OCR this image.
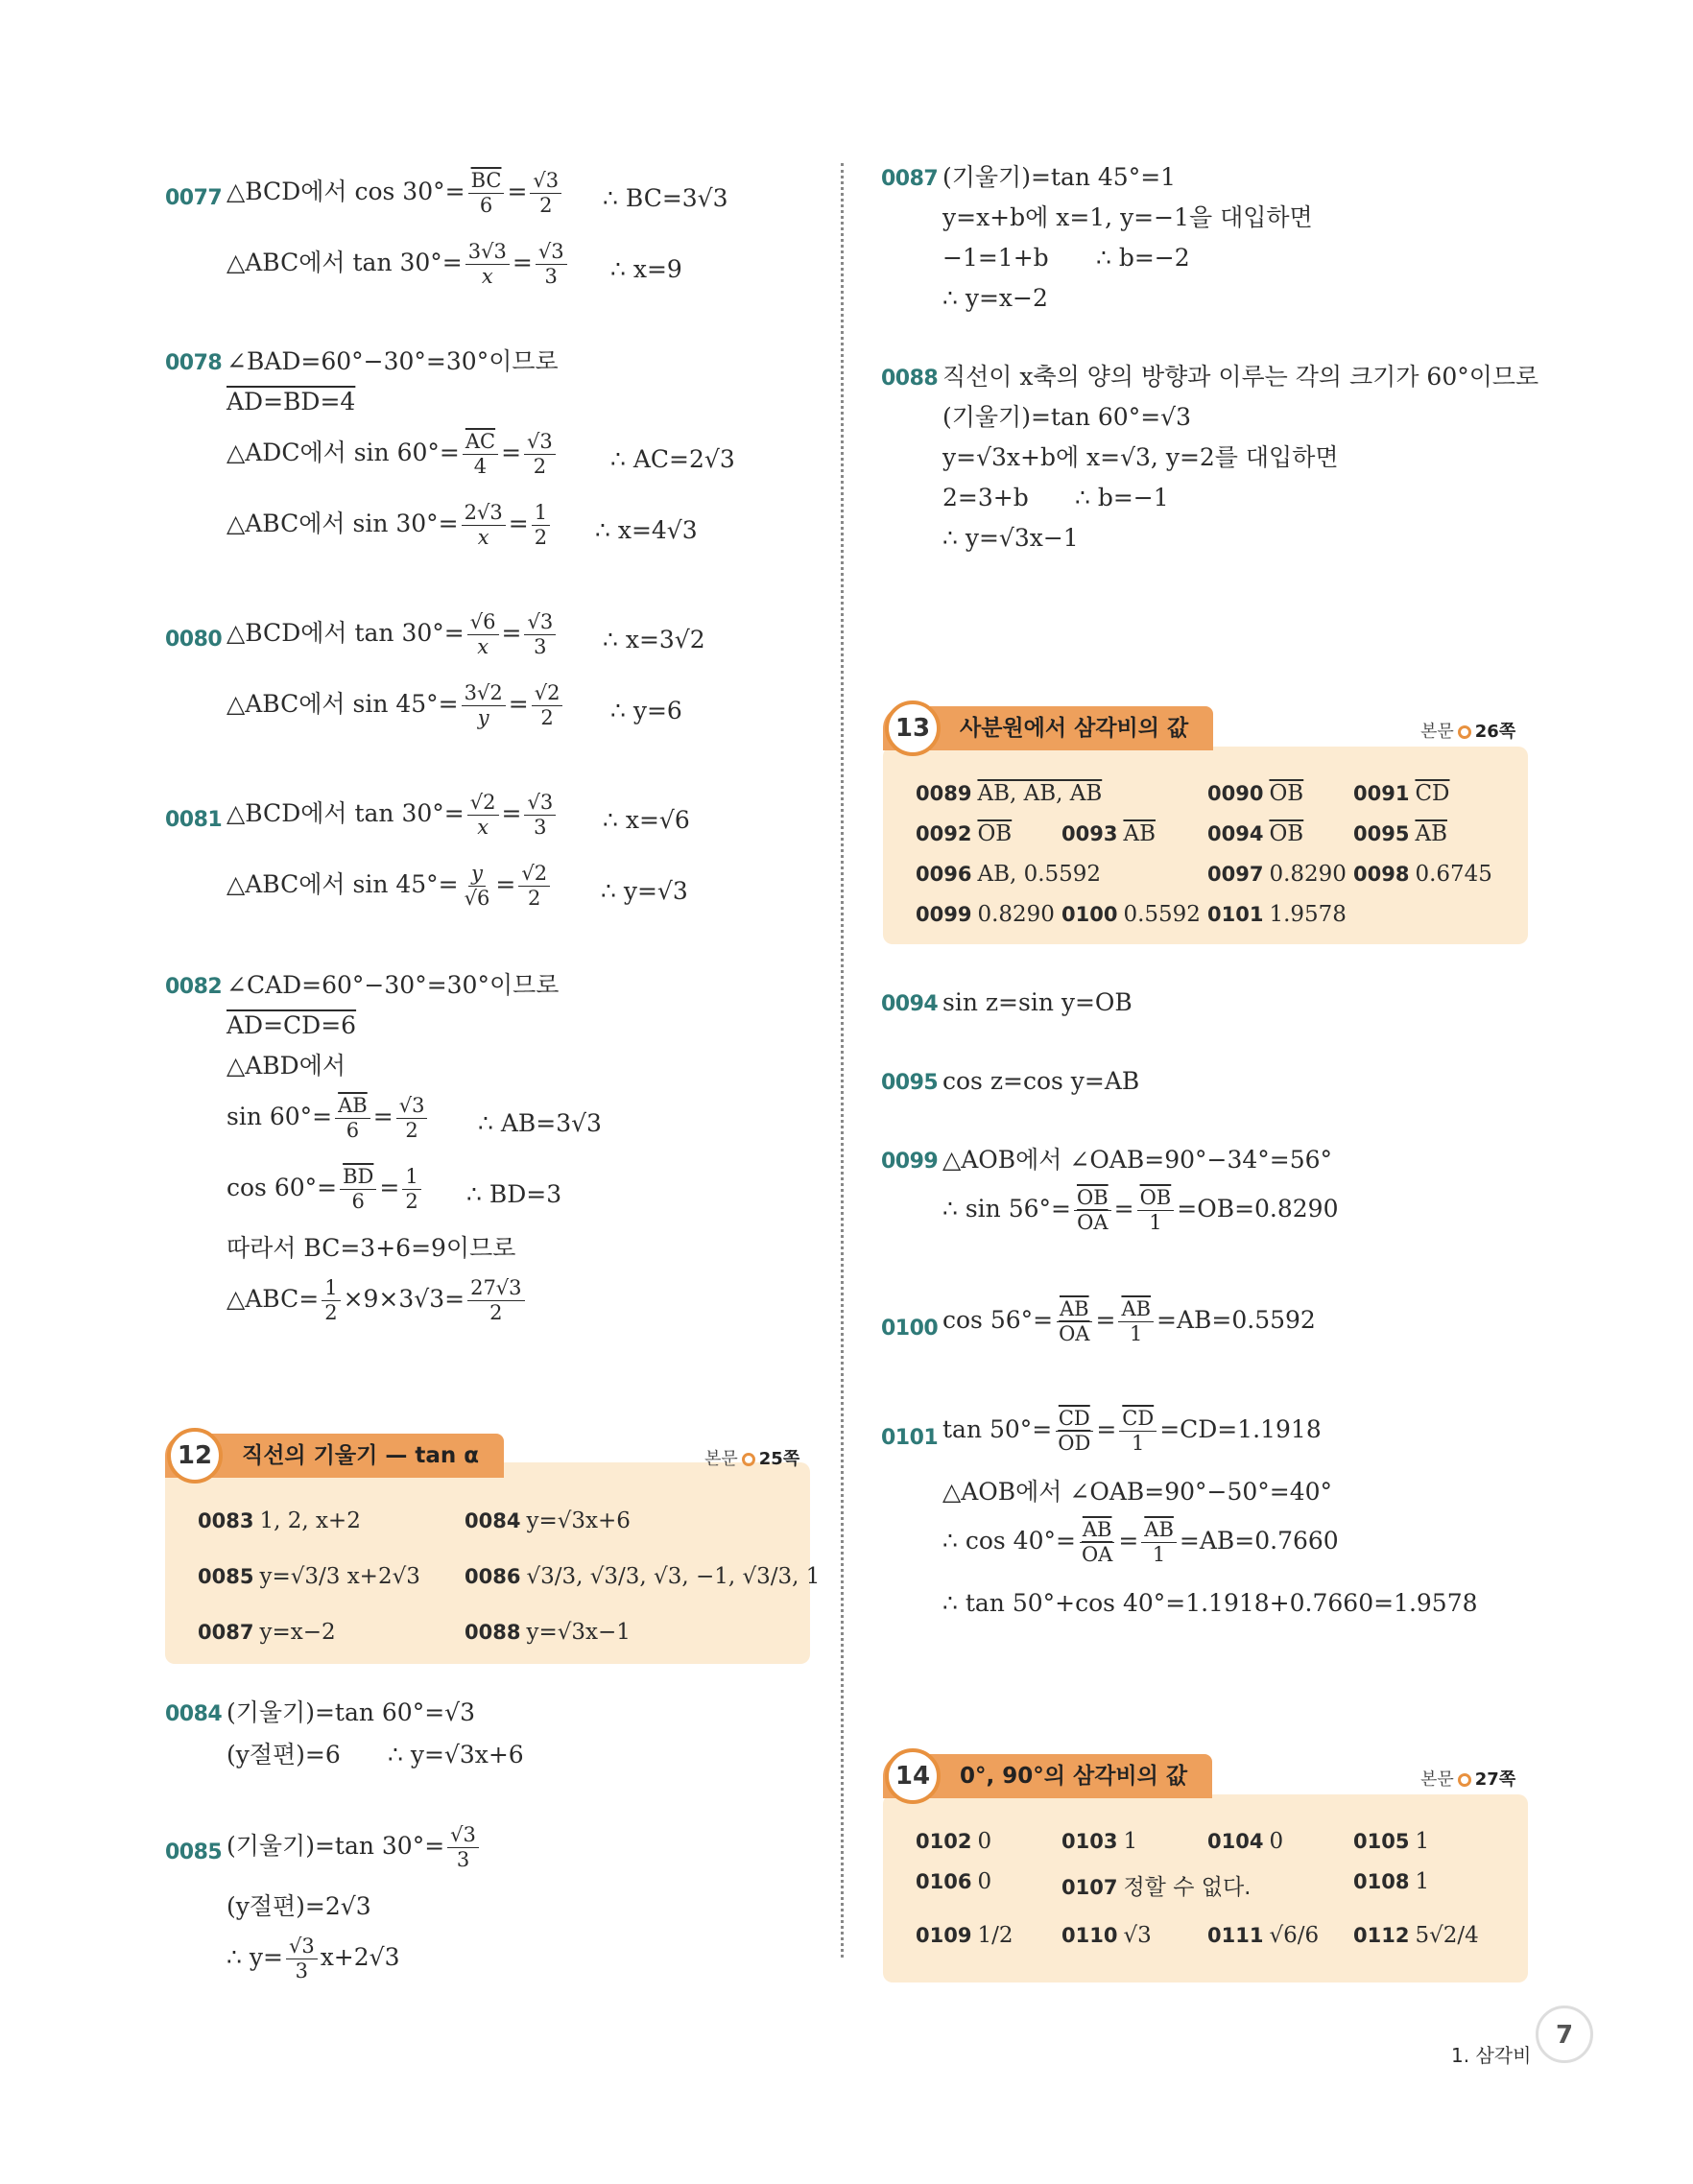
0077 △BCD에서 $\cos 30^\circ= \frac{\overline{BC}}{6} = \frac{√3}{2}$ ∴ BC=3√3
△ABC에서 $\tan 30^\circ= \frac{3√3}{x} = \frac{√3}{3}$ ∴ x=9
0078 ∠BAD=60°−30°=30°이므로
AD=BD=4
△ADC에서 $\sin 60^\circ= \frac{\overline{AC}}{4} = \frac{√3}{2}$ ∴ AC=2√3
△ABC에서 $\sin 30^\circ= \frac{2√3}{x} = \frac{1}{2}$ ∴ x=4√3
0080 △BCD에서 $\tan 30^\circ= \frac{√6}{x} = \frac{√3}{3}$ ∴ x=3√2
△ABC에서 $\sin 45^\circ= \frac{3√2}{y} = \frac{√2}{2}$ ∴ y=6
0081 △BCD에서 $\tan 30^\circ= \frac{√2}{x} = \frac{√3}{3}$ ∴ x=√6
△ABC에서 $\sin 45^\circ= \frac{y}{√6} = \frac{√2}{2}$ ∴ y=√3
0082 ∠CAD=60°−30°=30°이므로
AD=CD=6
△ABD에서
$\sin 60^\circ= \frac{\overline{AB}}{6} = \frac{√3}{2}$ ∴ AB=3√3
$\cos 60^\circ= \frac{\overline{BD}}{6} = \frac{1}{2}$ ∴ BD=3
따라서 BC=3+6=9이므로
△ABC= $\frac{1}{2} \times 9\times 3√3= \frac{27√3}{2}$
직선의 기울기 — tan α
12	본문 25쪽
0083 1, 2, x+2	0084 y=√3x+6
0085 y=√3/3 x+2√3 0086 √3/3, √3/3, √3, −1, √3/3, 1
0087 y=x−2	0088 y=√3x−1
0084 (기울기)=tan 60°=√3
(y절편)=6 ∴ y=√3x+6
0085 (기울기)=tan $30^\circ= \frac{√3}{3}$
(y절편)=2√3
∴ $y= \frac{√3}{3} x+2√3$
0087 (기울기)=tan 45°=1
y=x+b에 x=1, y=−1을 대입하면
−1=1+b ∴ b=−2
∴ y=x−2
0088 직선이 x축의 양의 방향과 이루는 각의 크기가 60°이므로
(기울기)=tan 60°=√3
y=√3x+b에 x=√3, y=2를 대입하면
2=3+b ∴ b=−1
∴ y=√3x−1
사분원에서 삼각비의 값
13	본문 26쪽
0089 AB, AB, AB	0090 $\overline{OB}$ 0091 $\overline{CD}$
0092 $\overline{OB}$ 0093 $\overline{AB}$	0094 $\overline{OB}$ 0095 $\overline{AB}$
0096 AB, 0.5592	0097 0.8290 0098 0.6745
0099 0.8290 0100 0.5592 0101 1.9578
0094 sin z=sin y=OB
0095 cos z=cos y=AB
0099 △AOB에서 ∠OAB=90°−34°=56°
∴ $\sin 56^\circ= \frac{\overline{OB}}{OA} = \frac{\overline{OB}}{1} =OB=0.8290$
0100 $\cos 56^\circ= \frac{\overline{AB}}{OA} = \frac{\overline{AB}}{1} =AB=0.5592$
0101 $\tan 50^\circ= \frac{\overline{CD}}{OD} = \frac{\overline{CD}}{1} =CD=1.1918$
△AOB에서 ∠OAB=90°−50°=40°
∴ $\cos 40^\circ= \frac{\overline{AB}}{OA} = \frac{\overline{AB}}{1} =AB=0.7660$
∴ tan 50°+cos 40°=1.1918+0.7660=1.9578
0°, 90°의 삼각비의 값
14	본문 27쪽
0102 0	0103 1	0104 0	0105 1
0106 0	0107 정할 수 없다.	0108 1
0109 1/2 0110 √3	0111 √6/6 0112 5√2/4
1. 삼각비
7
